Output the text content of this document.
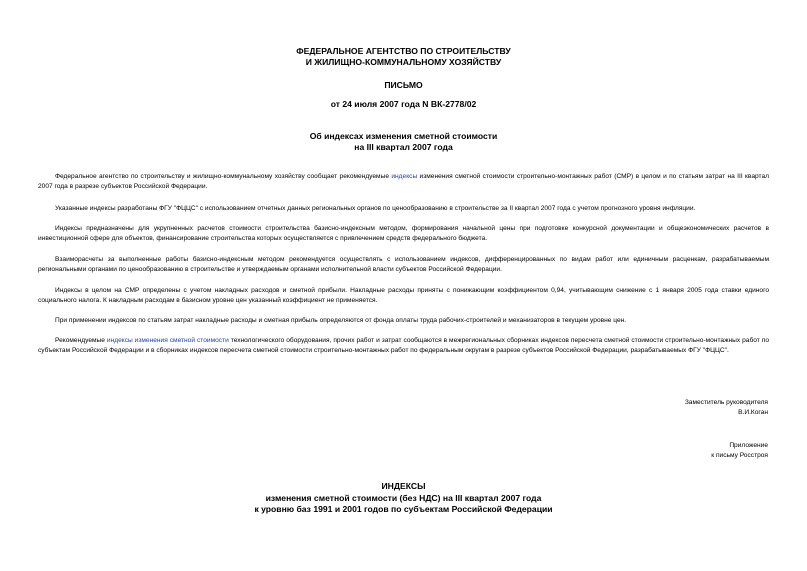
ФЕДЕРАЛЬНОЕ АГЕНТСТВО ПО СТРОИТЕЛЬСТВУ
И ЖИЛИЩНО-КОММУНАЛЬНОМУ ХОЗЯЙСТВУ
ПИСЬМО
от 24 июля 2007 года N ВК-2778/02
Об индексах изменения сметной стоимости
на III квартал 2007 года
Федеральное агентство по строительству и жилищно-коммунальному хозяйству сообщает рекомендуемые индексы изменения сметной стоимости строительно-монтажных работ (СМР) в целом и по статьям затрат на III квартал 2007 года в разрезе субъектов Российской Федерации.
Указанные индексы разработаны ФГУ "ФЦЦС" с использованием отчетных данных региональных органов по ценообразованию в строительстве за II квартал 2007 года с учетом прогнозного уровня инфляции.
Индексы предназначены для укрупненных расчетов стоимости строительства базисно-индексным методом, формирования начальной цены при подготовке конкурсной документации и общеэкономических расчетов в инвестиционной сфере для объектов, финансирование строительства которых осуществляется с привлечением средств федерального бюджета.
Взаиморасчеты за выполненные работы базисно-индексным методом рекомендуется осуществлять с использованием индексов, дифференцированных по видам работ или единичным расценкам, разрабатываемым региональными органами по ценообразованию в строительстве и утверждаемым органами исполнительной власти субъектов Российской Федерации.
Индексы в целом на СМР определены с учетом накладных расходов и сметной прибыли. Накладные расходы приняты с понижающим коэффициентом 0,94, учитывающим снижение с 1 января 2005 года ставки единого социального налога. К накладным расходам в базисном уровне цен указанный коэффициент не применяется.
При применении индексов по статьям затрат накладные расходы и сметная прибыль определяются от фонда оплаты труда рабочих-строителей и механизаторов в текущем уровне цен.
Рекомендуемые индексы изменения сметной стоимости технологического оборудования, прочих работ и затрат сообщаются в межрегиональных сборниках индексов пересчета сметной стоимости строительно-монтажных работ по субъектам Российской Федерации и в сборниках индексов пересчета сметной стоимости строительно-монтажных работ по федеральным округам в разрезе субъектов Российской Федерации, разрабатываемых ФГУ "ФЦЦС".
Заместитель руководителя
В.И.Коган
Приложение
к письму Росстроя
ИНДЕКСЫ
изменения сметной стоимости (без НДС) на III квартал 2007 года
к уровню баз 1991 и 2001 годов по субъектам Российской Федерации
